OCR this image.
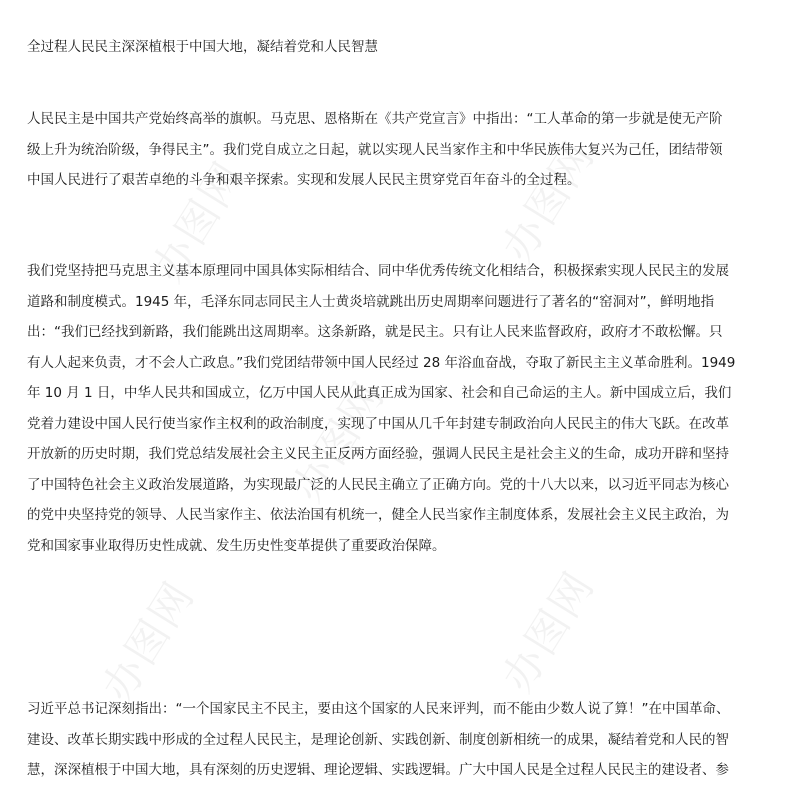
办图网	办图网
办图网
办图网
办图网
全过程人民民主深深植根于中国大地，凝结着党和人民智慧
人民民主是中国共产党始终高举的旗帜。马克思、恩格斯在《共产党宣言》中指出：“工人革命的第一步就是使无产阶
级上升为统治阶级，争得民主”。我们党自成立之日起，就以实现人民当家作主和中华民族伟大复兴为己任，团结带领
中国人民进行了艰苦卓绝的斗争和艰辛探索。实现和发展人民民主贯穿党百年奋斗的全过程。
我们党坚持把马克思主义基本原理同中国具体实际相结合、同中华优秀传统文化相结合，积极探索实现人民民主的发展
道路和制度模式。1945 年，毛泽东同志同民主人士黄炎培就跳出历史周期率问题进行了著名的“窑洞对”，鲜明地指
出：“我们已经找到新路，我们能跳出这周期率。这条新路，就是民主。只有让人民来监督政府，政府才不敢松懈。只
有人人起来负责，才不会人亡政息。”我们党团结带领中国人民经过 28 年浴血奋战，夺取了新民主主义革命胜利。1949
年 10 月 1 日，中华人民共和国成立，亿万中国人民从此真正成为国家、社会和自己命运的主人。新中国成立后，我们
党着力建设中国人民行使当家作主权利的政治制度，实现了中国从几千年封建专制政治向人民民主的伟大飞跃。在改革
开放新的历史时期，我们党总结发展社会主义民主正反两方面经验，强调人民民主是社会主义的生命，成功开辟和坚持
了中国特色社会主义政治发展道路，为实现最广泛的人民民主确立了正确方向。党的十八大以来，以习近平同志为核心
的党中央坚持党的领导、人民当家作主、依法治国有机统一，健全人民当家作主制度体系，发展社会主义民主政治，为
党和国家事业取得历史性成就、发生历史性变革提供了重要政治保障。
习近平总书记深刻指出：“一个国家民主不民主，要由这个国家的人民来评判，而不能由少数人说了算！”在中国革命、
建设、改革长期实践中形成的全过程人民民主，是理论创新、实践创新、制度创新相统一的成果，凝结着党和人民的智
慧，深深植根于中国大地，具有深刻的历史逻辑、理论逻辑、实践逻辑。广大中国人民是全过程人民民主的建设者、参
